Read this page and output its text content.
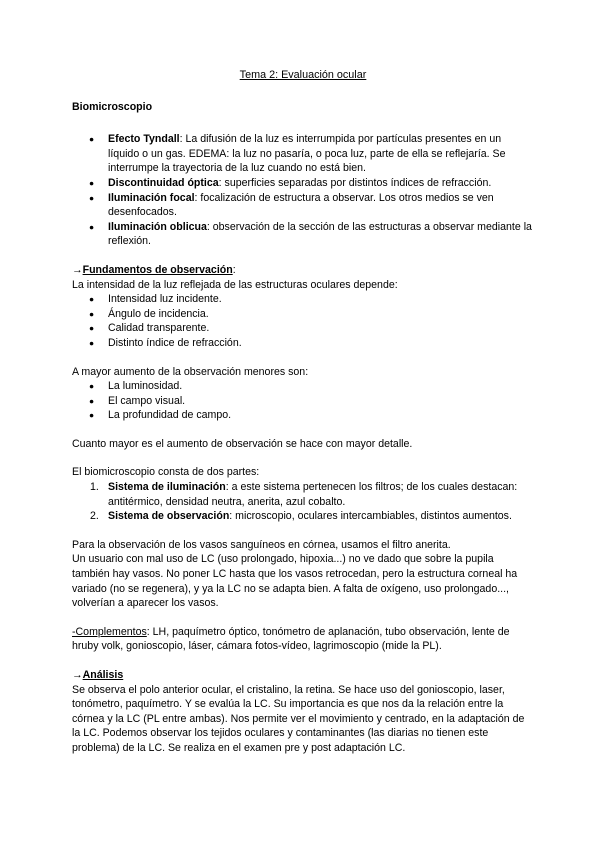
Tema 2: Evaluación ocular
Biomicroscopio
● Efecto Tyndall: La difusión de la luz es interrumpida por partículas presentes en un líquido o un gas. EDEMA: la luz no pasaría, o poca luz, parte de ella se reflejaría. Se interrumpe la trayectoria de la luz cuando no está bien.
● Discontinuidad óptica: superficies separadas por distintos índices de refracción.
● Iluminación focal: focalización de estructura a observar. Los otros medios se ven desenfocados.
● Iluminación oblicua: observación de la sección de las estructuras a observar mediante la reflexión.

→Fundamentos de observación:

La intensidad de la luz reflejada de las estructuras oculares depende:

● Intensidad luz incidente.
● Ángulo de incidencia.
● Calidad transparente.
● Distinto índice de refracción.

A mayor aumento de la observación menores son:

● La luminosidad.
● El campo visual.
● La profundidad de campo.

Cuanto mayor es el aumento de observación se hace con mayor detalle.

El biomicroscopio consta de dos partes:

1. Sistema de iluminación: a este sistema pertenecen los filtros; de los cuales destacan: antitérmico, densidad neutra, anerita, azul cobalto.
2. Sistema de observación: microscopio, oculares intercambiables, distintos aumentos.

Para la observación de los vasos sanguíneos en córnea, usamos el filtro anerita.

Un usuario con mal uso de LC (uso prolongado, hipoxia...) no ve dado que sobre la pupila también hay vasos. No poner LC hasta que los vasos retrocedan, pero la estructura corneal ha variado (no se regenera), y ya la LC no se adapta bien. A falta de oxígeno, uso prolongado..., volverían a aparecer los vasos.

-Complementos: LH, paquímetro óptico, tonómetro de aplanación, tubo observación, lente de hruby volk, gonioscopio, láser, cámara fotos-vídeo, lagrimoscopio (mide la PL).

→Análisis

Se observa el polo anterior ocular, el cristalino, la retina. Se hace uso del gonioscopio, laser, tonómetro, paquímetro. Y se evalúa la LC. Su importancia es que nos da la relación entre la córnea y la LC (PL entre ambas). Nos permite ver el movimiento y centrado, en la adaptación de la LC. Podemos observar los tejidos oculares y contaminantes (las diarias no tienen este problema) de la LC. Se realiza en el examen pre y post adaptación LC.
